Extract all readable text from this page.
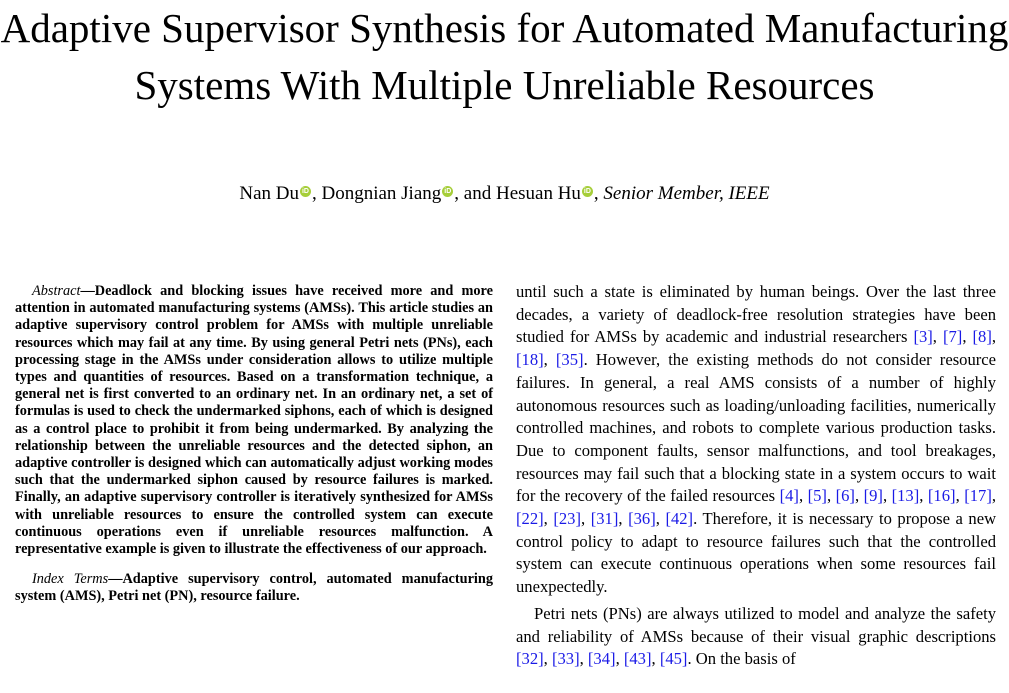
Adaptive Supervisor Synthesis for Automated Manufacturing Systems With Multiple Unreliable Resources
Nan Du iD , Dongnian Jiang iD , and Hesuan Hu iD , Senior Member, IEEE

Abstract—Deadlock and blocking issues have received more and more attention in automated manufacturing systems (AMSs). This article studies an adaptive supervisory control problem for AMSs with multiple unreliable resources which may fail at any time. By using general Petri nets (PNs), each processing stage in the AMSs under consideration allows to utilize multiple types and quantities of resources. Based on a transformation technique, a general net is first converted to an ordinary net. In an ordinary net, a set of formulas is used to check the undermarked siphons, each of which is designed as a control place to prohibit it from being undermarked. By analyzing the relationship between the unreliable resources and the detected siphon, an adaptive controller is designed which can automatically adjust working modes such that the undermarked siphon caused by resource failures is marked. Finally, an adaptive supervisory controller is iteratively synthesized for AMSs with unreliable resources to ensure the controlled system can execute continuous operations even if unreliable resources malfunction. A representative example is given to illustrate the effectiveness of our approach.

Index Terms—Adaptive supervisory control, automated manufacturing system (AMS), Petri net (PN), resource failure.

until such a state is eliminated by human beings. Over the last three decades, a variety of deadlock-free resolution strategies have been studied for AMSs by academic and industrial researchers [3], [7], [8], [18], [35]. However, the existing methods do not consider resource failures. In general, a real AMS consists of a number of highly autonomous resources such as loading/unloading facilities, numerically controlled machines, and robots to complete various production tasks. Due to component faults, sensor malfunctions, and tool breakages, resources may fail such that a blocking state in a system occurs to wait for the recovery of the failed resources [4], [5], [6], [9], [13], [16], [17], [22], [23], [31], [36], [42]. Therefore, it is necessary to propose a new control policy to adapt to resource failures such that the controlled system can execute continuous operations when some resources fail unexpectedly.

Petri nets (PNs) are always utilized to model and analyze the safety and reliability of AMSs because of their visual graphic descriptions [32], [33], [34], [43], [45]. On the basis of
